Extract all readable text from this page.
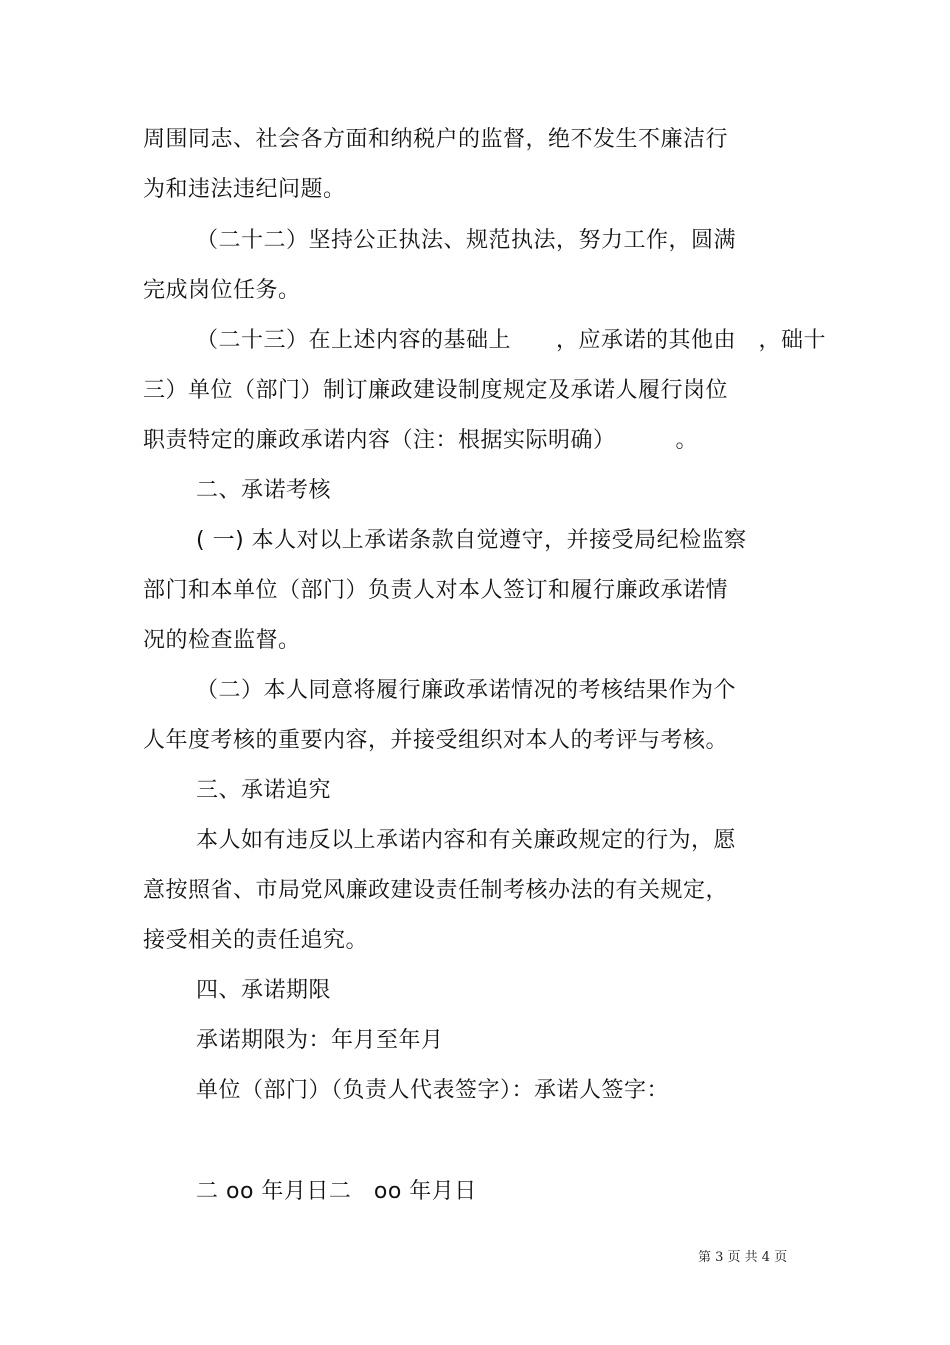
周围同志、社会各方面和纳税户的监督，绝不发生不廉洁行
为和违法违纪问题。
（二十二）坚持公正执法、规范执法，努力工作，圆满
完成岗位任务。
（二十三）在上述内容的基础上      ，应承诺的其他由   ，础十
三）单位（部门）制订廉政建设制度规定及承诺人履行岗位
职责特定的廉政承诺内容（注：根据实际明确）        。
二、承诺考核
( 一) 本人对以上承诺条款自觉遵守，并接受局纪检监察
部门和本单位（部门）负责人对本人签订和履行廉政承诺情
况的检查监督。
（二）本人同意将履行廉政承诺情况的考核结果作为个
人年度考核的重要内容，并接受组织对本人的考评与考核。
三、承诺追究
本人如有违反以上承诺内容和有关廉政规定的行为，愿
意按照省、市局党风廉政建设责任制考核办法的有关规定，
接受相关的责任追究。
四、承诺期限
承诺期限为：年月至年月
单位（部门）（负责人代表签字）：承诺人签字：
二 oo 年月日二   oo 年月日
第 3 页 共 4 页
